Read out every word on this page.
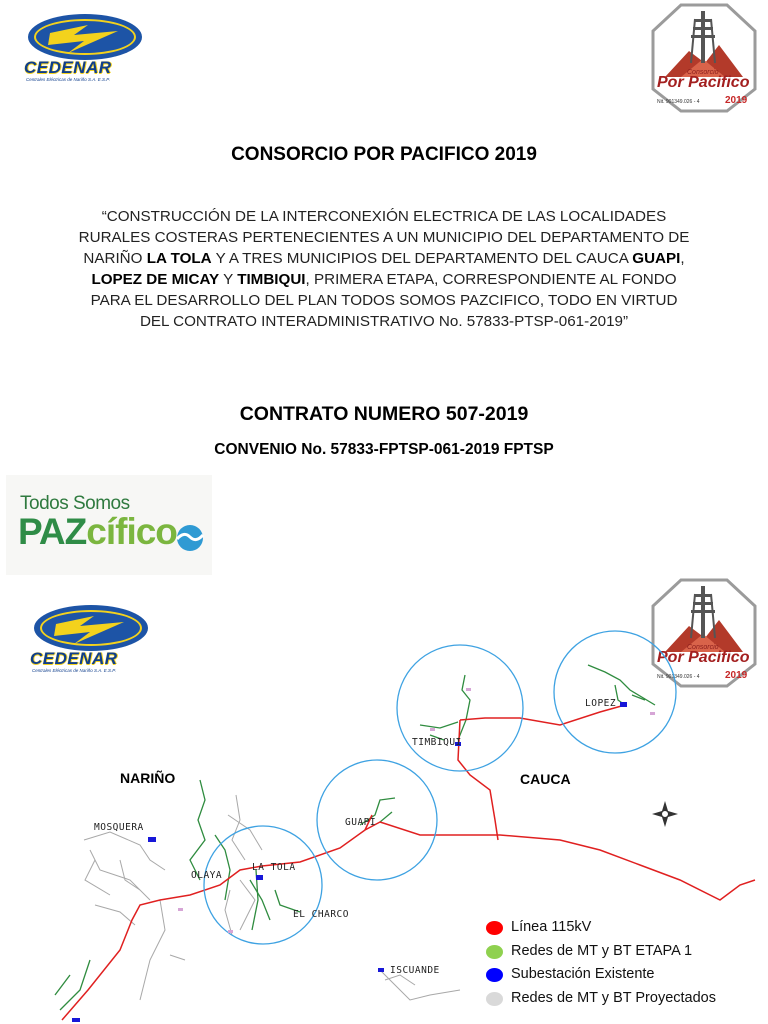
CEDENAR
Centrales Eléctricas de Nariño S.A. E.S.P.
Consorcio
Por Pacifico
Nit. 901349.026 - 4	2019
CONSORCIO POR PACIFICO 2019
“CONSTRUCCIÓN DE LA INTERCONEXIÓN ELECTRICA DE LAS LOCALIDADES RURALES COSTERAS PERTENECIENTES A UN MUNICIPIO DEL DEPARTAMENTO DE NARIÑO LA TOLA Y A TRES MUNICIPIOS DEL DEPARTAMENTO DEL CAUCA GUAPI, LOPEZ DE MICAY Y TIMBIQUI, PRIMERA ETAPA, CORRESPONDIENTE AL FONDO PARA EL DESARROLLO DEL PLAN TODOS SOMOS PAZCIFICO, TODO EN VIRTUD DEL CONTRATO INTERADMINISTRATIVO No. 57833-PTSP-061-2019”
CONTRATO NUMERO 507-2019
CONVENIO No. 57833-FPTSP-061-2019 FPTSP
Todos Somos
PAZcífico
CEDENAR
Centrales Eléctricas de Nariño S.A. E.S.P.
Consorcio
Por Pacifico
Nit. 901349.026 - 4	2019
NARIÑO	CAUCA
MOSQUERA
OLAYA
LA TOLA
EL CHARCO
GUAPI
TIMBIQUI
LOPEZ
ISCUANDE
Línea 115kV
Redes de MT y BT ETAPA 1
Subestación Existente
Redes de MT y BT Proyectados
